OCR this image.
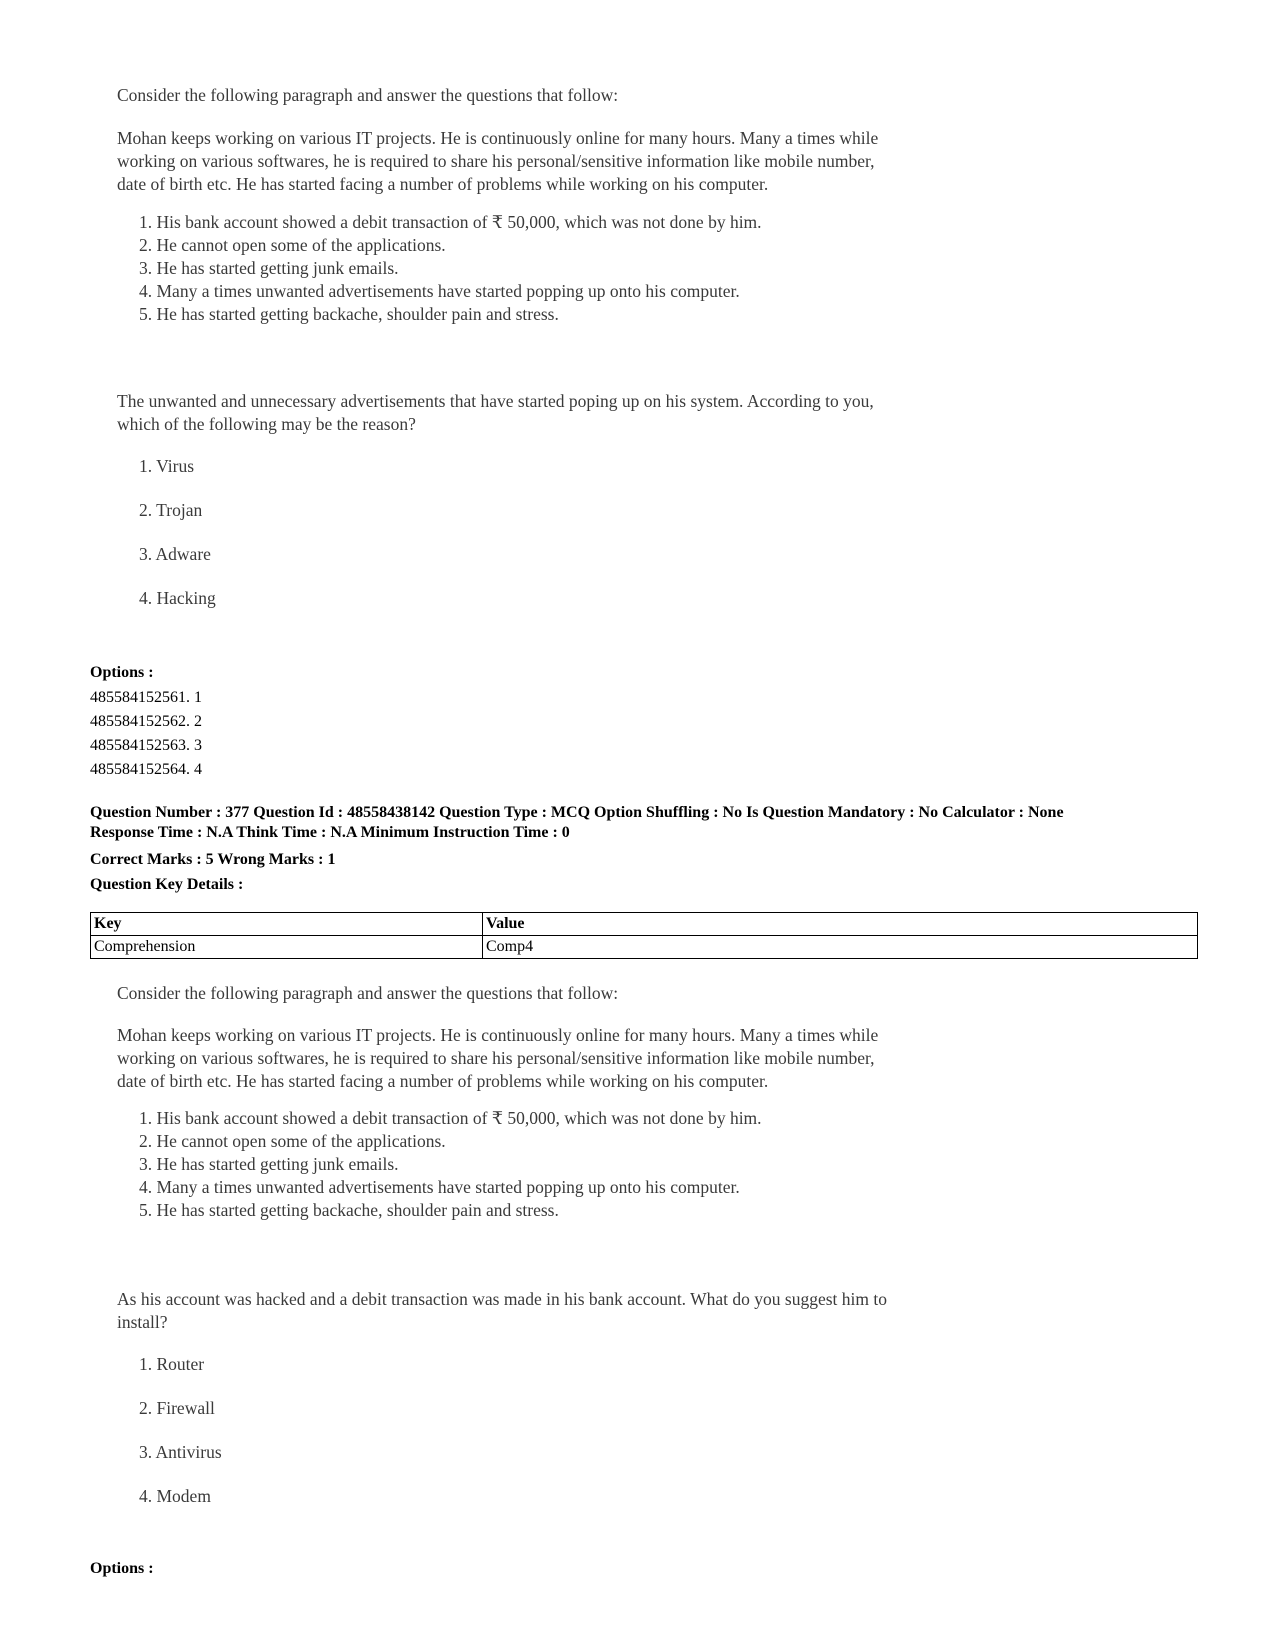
Consider the following paragraph and answer the questions that follow:

Mohan keeps working on various IT projects. He is continuously online for many hours. Many a times while

working on various softwares, he is required to share his personal/sensitive information like mobile number,

date of birth etc. He has started facing a number of problems while working on his computer.

1. His bank account showed a debit transaction of ₹ 50,000, which was not done by him.
2. He cannot open some of the applications.
3. He has started getting junk emails.
4. Many a times unwanted advertisements have started popping up onto his computer.
5. He has started getting backache, shoulder pain and stress.

The unwanted and unnecessary advertisements that have started poping up on his system. According to you,

which of the following may be the reason?

1. Virus
2. Trojan
3. Adware
4. Hacking
Options :
485584152561. 1
485584152562. 2
485584152563. 3
485584152564. 4
Question Number : 377 Question Id : 48558438142 Question Type : MCQ Option Shuffling : No Is Question Mandatory : No Calculator : None
Response Time : N.A Think Time : N.A Minimum Instruction Time : 0
Correct Marks : 5 Wrong Marks : 1
Question Key Details :
Key	Value
Comprehension	Comp4

Consider the following paragraph and answer the questions that follow:

Mohan keeps working on various IT projects. He is continuously online for many hours. Many a times while

working on various softwares, he is required to share his personal/sensitive information like mobile number,

date of birth etc. He has started facing a number of problems while working on his computer.

1. His bank account showed a debit transaction of ₹ 50,000, which was not done by him.
2. He cannot open some of the applications.
3. He has started getting junk emails.
4. Many a times unwanted advertisements have started popping up onto his computer.
5. He has started getting backache, shoulder pain and stress.

As his account was hacked and a debit transaction was made in his bank account. What do you suggest him to

install?

1. Router
2. Firewall
3. Antivirus
4. Modem
Options :
